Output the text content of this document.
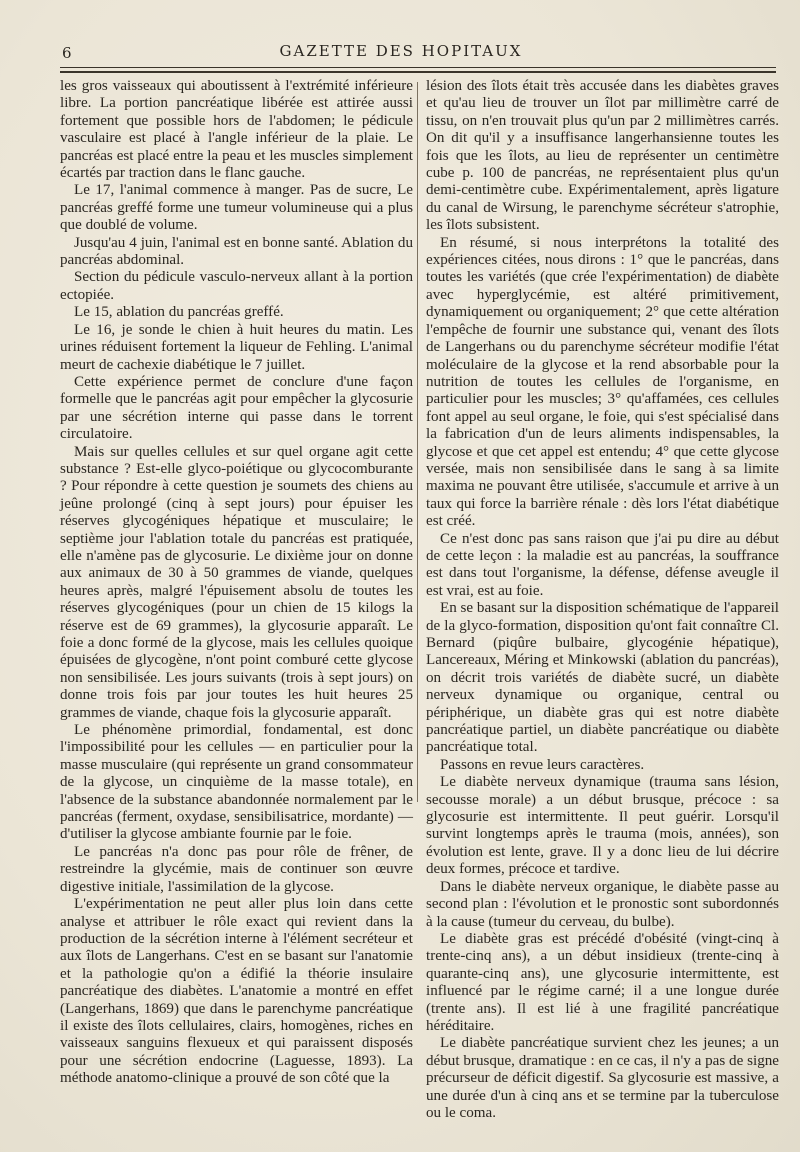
6	GAZETTE DES HOPITAUX

les gros vaisseaux qui aboutissent à l'extrémité inférieure libre. La portion pancréatique libérée est attirée aussi fortement que possible hors de l'abdomen; le pédicule vasculaire est placé à l'angle inférieur de la plaie. Le pancréas est placé entre la peau et les muscles simplement écartés par traction dans le flanc gauche.

Le 17, l'animal commence à manger. Pas de sucre, Le pancréas greffé forme une tumeur volumineuse qui a plus que doublé de volume.

Jusqu'au 4 juin, l'animal est en bonne santé. Ablation du pancréas abdominal.

Section du pédicule vasculo-nerveux allant à la portion ectopiée.

Le 15, ablation du pancréas greffé.

Le 16, je sonde le chien à huit heures du matin. Les urines réduisent fortement la liqueur de Fehling. L'animal meurt de cachexie diabétique le 7 juillet.

Cette expérience permet de conclure d'une façon formelle que le pancréas agit pour empêcher la glycosurie par une sécrétion interne qui passe dans le torrent circulatoire.

Mais sur quelles cellules et sur quel organe agit cette substance ? Est-elle glyco-poiétique ou glycocomburante ? Pour répondre à cette question je soumets des chiens au jeûne prolongé (cinq à sept jours) pour épuiser les réserves glycogéniques hépatique et musculaire; le septième jour l'ablation totale du pancréas est pratiquée, elle n'amène pas de glycosurie. Le dixième jour on donne aux animaux de 30 à 50 grammes de viande, quelques heures après, malgré l'épuisement absolu de toutes les réserves glycogéniques (pour un chien de 15 kilogs la réserve est de 69 grammes), la glycosurie apparaît. Le foie a donc formé de la glycose, mais les cellules quoique épuisées de glycogène, n'ont point comburé cette glycose non sensibilisée. Les jours suivants (trois à sept jours) on donne trois fois par jour toutes les huit heures 25 grammes de viande, chaque fois la glycosurie apparaît.

Le phénomène primordial, fondamental, est donc l'impossibilité pour les cellules — en particulier pour la masse musculaire (qui représente un grand consommateur de la glycose, un cinquième de la masse totale), en l'absence de la substance abandonnée normalement par le pancréas (ferment, oxydase, sensibilisatrice, mordante) — d'utiliser la glycose ambiante fournie par le foie.

Le pancréas n'a donc pas pour rôle de frêner, de restreindre la glycémie, mais de continuer son œuvre digestive initiale, l'assimilation de la glycose.

L'expérimentation ne peut aller plus loin dans cette analyse et attribuer le rôle exact qui revient dans la production de la sécrétion interne à l'élément secréteur et aux îlots de Langerhans. C'est en se basant sur l'anatomie et la pathologie qu'on a édifié la théorie insulaire pancréatique des diabètes. L'anatomie a montré en effet (Langerhans, 1869) que dans le parenchyme pancréatique il existe des îlots cellulaires, clairs, homogènes, riches en vaisseaux sanguins flexueux et qui paraissent disposés pour une sécrétion endocrine (Laguesse, 1893). La méthode anatomo-clinique a prouvé de son côté que la

lésion des îlots était très accusée dans les diabètes graves et qu'au lieu de trouver un îlot par millimètre carré de tissu, on n'en trouvait plus qu'un par 2 millimètres carrés. On dit qu'il y a insuffisance langerhansienne toutes les fois que les îlots, au lieu de représenter un centimètre cube p. 100 de pancréas, ne représentaient plus qu'un demi-centimètre cube. Expérimentalement, après ligature du canal de Wirsung, le parenchyme sécréteur s'atrophie, les îlots subsistent.

En résumé, si nous interprétons la totalité des expériences citées, nous dirons : 1° que le pancréas, dans toutes les variétés (que crée l'expérimentation) de diabète avec hyperglycémie, est altéré primitivement, dynamiquement ou organiquement; 2° que cette altération l'empêche de fournir une substance qui, venant des îlots de Langerhans ou du parenchyme sécréteur modifie l'état moléculaire de la glycose et la rend absorbable pour la nutrition de toutes les cellules de l'organisme, en particulier pour les muscles; 3° qu'affamées, ces cellules font appel au seul organe, le foie, qui s'est spécialisé dans la fabrication d'un de leurs aliments indispensables, la glycose et que cet appel est entendu; 4° que cette glycose versée, mais non sensibilisée dans le sang à sa limite maxima ne pouvant être utilisée, s'accumule et arrive à un taux qui force la barrière rénale : dès lors l'état diabétique est créé.

Ce n'est donc pas sans raison que j'ai pu dire au début de cette leçon : la maladie est au pancréas, la souffrance est dans tout l'organisme, la défense, défense aveugle il est vrai, est au foie.

En se basant sur la disposition schématique de l'appareil de la glyco-formation, disposition qu'ont fait connaître Cl. Bernard (piqûre bulbaire, glycogénie hépatique), Lancereaux, Méring et Minkowski (ablation du pancréas), on décrit trois variétés de diabète sucré, un diabète nerveux dynamique ou organique, central ou périphérique, un diabète gras qui est notre diabète pancréatique partiel, un diabète pancréatique ou diabète pancréatique total.

Passons en revue leurs caractères.

Le diabète nerveux dynamique (trauma sans lésion, secousse morale) a un début brusque, précoce : sa glycosurie est intermittente. Il peut guérir. Lorsqu'il survint longtemps après le trauma (mois, années), son évolution est lente, grave. Il y a donc lieu de lui décrire deux formes, précoce et tardive.

Dans le diabète nerveux organique, le diabète passe au second plan : l'évolution et le pronostic sont subordonnés à la cause (tumeur du cerveau, du bulbe).

Le diabète gras est précédé d'obésité (vingt-cinq à trente-cinq ans), a un début insidieux (trente-cinq à quarante-cinq ans), une glycosurie intermittente, est influencé par le régime carné; il a une longue durée (trente ans). Il est lié à une fragilité pancréatique héréditaire.

Le diabète pancréatique survient chez les jeunes; a un début brusque, dramatique : en ce cas, il n'y a pas de signe précurseur de déficit digestif. Sa glycosurie est massive, a une durée d'un à cinq ans et se termine par la tuberculose ou le coma.
